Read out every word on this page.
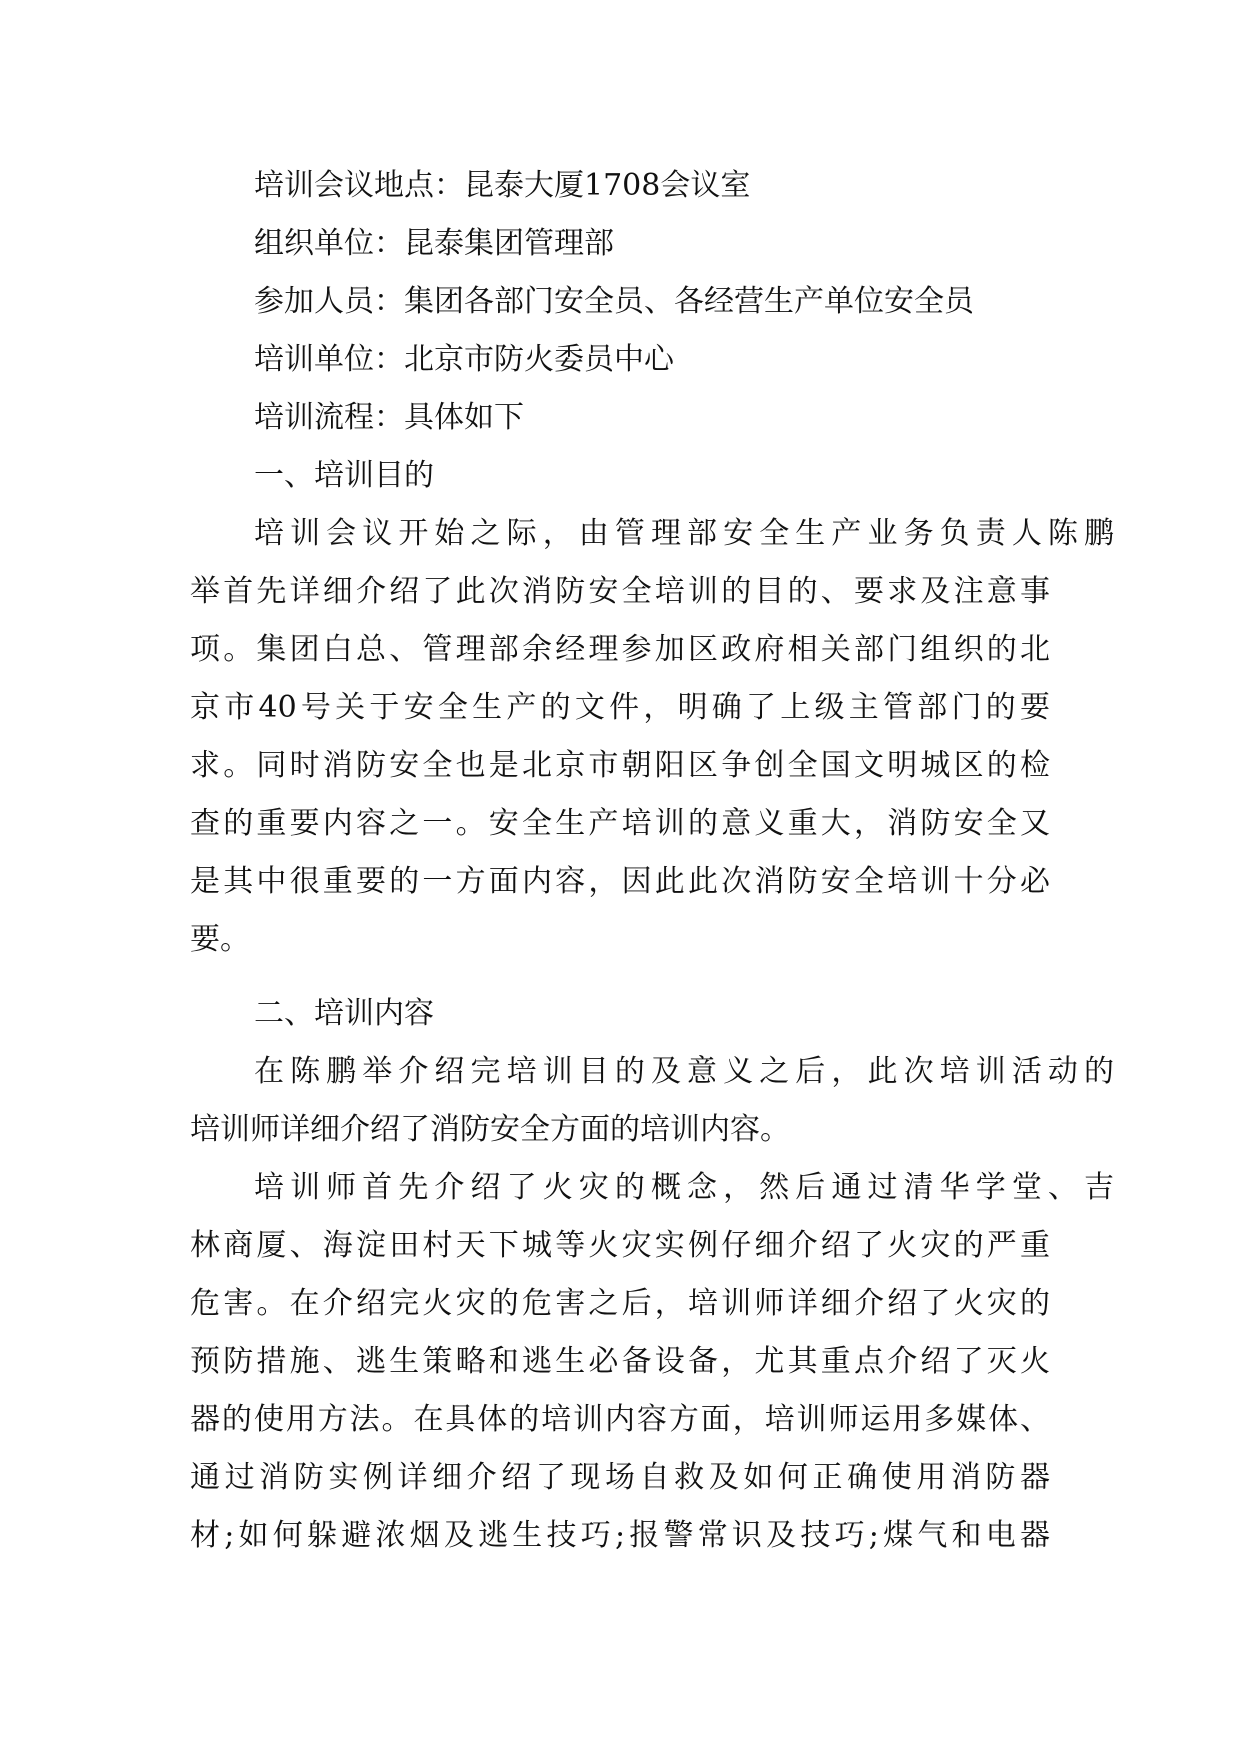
培训会议地点：昆泰大厦1708会议室
组织单位：昆泰集团管理部
参加人员：集团各部门安全员、各经营生产单位安全员
培训单位：北京市防火委员中心
培训流程：具体如下
一、培训目的
培训会议开始之际，由管理部安全生产业务负责人陈鹏
举首先详细介绍了此次消防安全培训的目的、要求及注意事
项。集团白总、管理部余经理参加区政府相关部门组织的北
京市40号关于安全生产的文件，明确了上级主管部门的要
求。同时消防安全也是北京市朝阳区争创全国文明城区的检
查的重要内容之一。安全生产培训的意义重大，消防安全又
是其中很重要的一方面内容，因此此次消防安全培训十分必
要。
二、培训内容
在陈鹏举介绍完培训目的及意义之后，此次培训活动的
培训师详细介绍了消防安全方面的培训内容。
培训师首先介绍了火灾的概念，然后通过清华学堂、吉
林商厦、海淀田村天下城等火灾实例仔细介绍了火灾的严重
危害。在介绍完火灾的危害之后，培训师详细介绍了火灾的
预防措施、逃生策略和逃生必备设备，尤其重点介绍了灭火
器的使用方法。在具体的培训内容方面，培训师运用多媒体、
通过消防实例详细介绍了现场自救及如何正确使用消防器
材;如何躲避浓烟及逃生技巧;报警常识及技巧;煤气和电器
